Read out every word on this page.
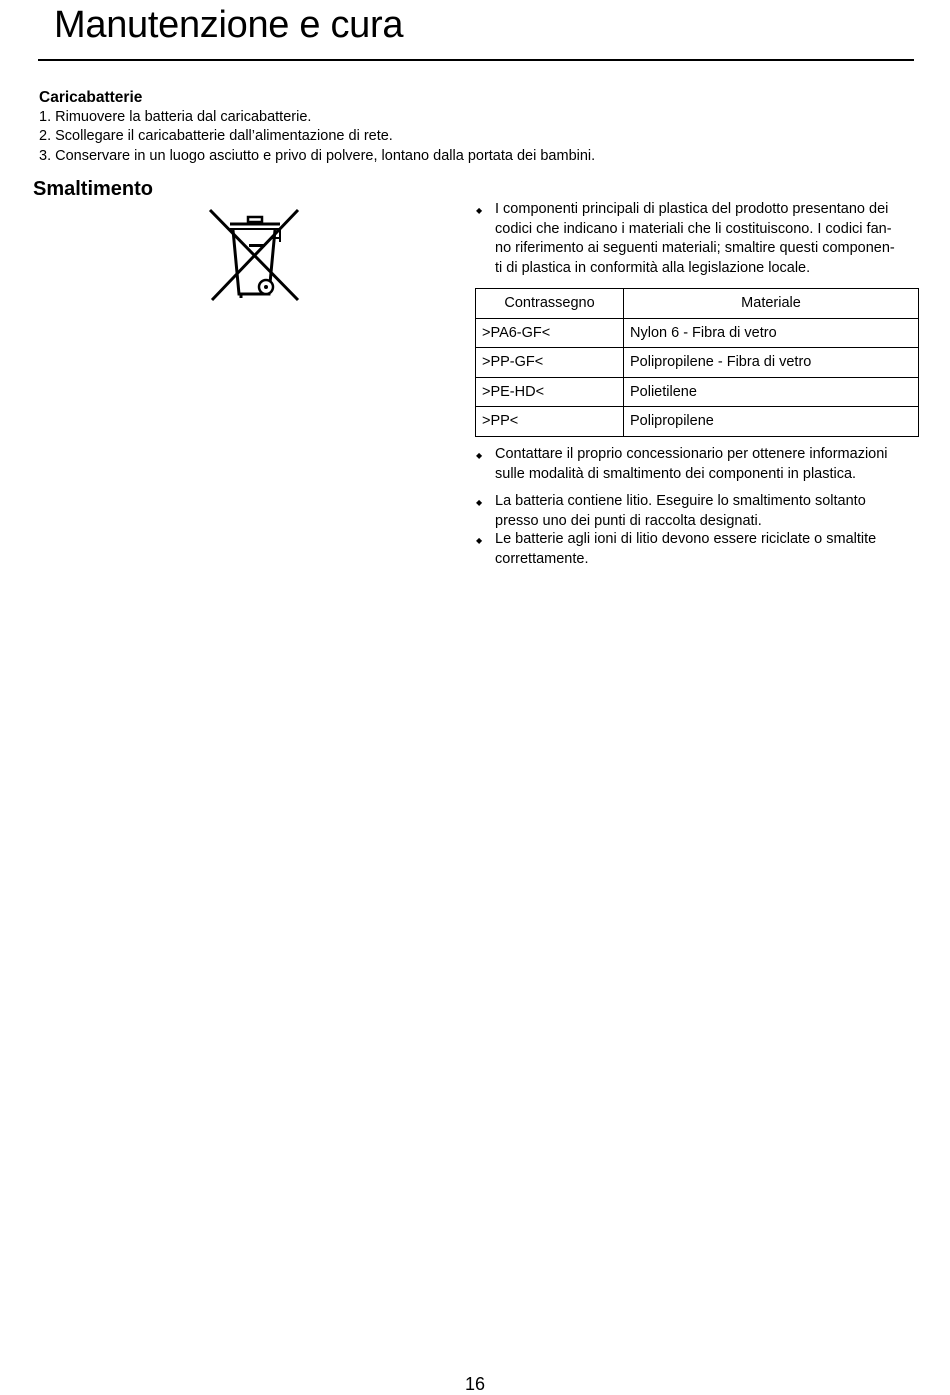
Manutenzione e cura
Caricabatterie
1. Rimuovere la batteria dal caricabatterie.
2. Scollegare il caricabatterie dall’alimentazione di rete.
3. Conservare in un luogo asciutto e privo di polvere, lontano dalla portata dei bambini.
Smaltimento
◆ I componenti principali di plastica del prodotto presentano dei
codici che indicano i materiali che li costituiscono. I codici fan-
no riferimento ai seguenti materiali; smaltire questi componen-
ti di plastica in conformità alla legislazione locale.
Contrassegno	Materiale
>PA6-GF<	Nylon 6 - Fibra di vetro
>PP-GF<	Polipropilene - Fibra di vetro
>PE-HD<	Polietilene
>PP<	Polipropilene
◆ Contattare il proprio concessionario per ottenere informazioni
sulle modalità di smaltimento dei componenti in plastica.
◆ La batteria contiene litio. Eseguire lo smaltimento soltanto
presso uno dei punti di raccolta designati.
◆ Le batterie agli ioni di litio devono essere riciclate o smaltite
correttamente.
16
